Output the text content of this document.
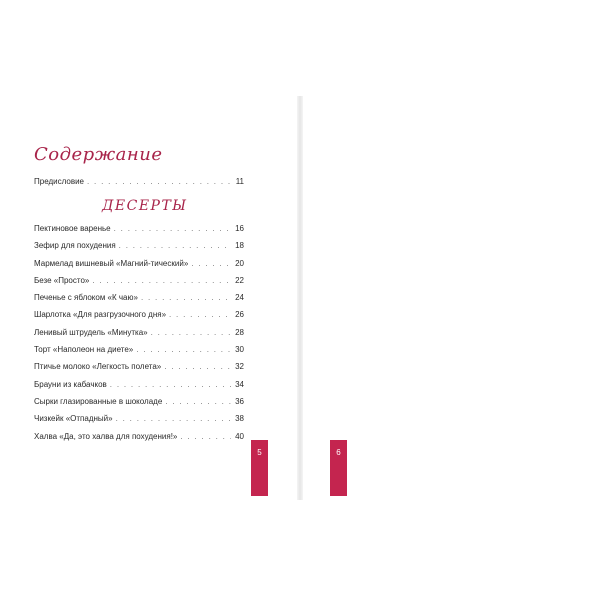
Содержание
Предисловие . . .	11
ДЕСЕРТЫ
Пектиновое варенье . . .	16
Зефир для похудения . . .	18
Мармелад вишневый «Магний-тический» . . .	20
Безе «Просто» . . .	22
Печенье с яблоком «К чаю» . . .	24
Шарлотка «Для разгрузочного дня» . . .	26
Ленивый штрудель «Минутка» . . .	28
Торт «Наполеон на диете» . . .	30
Птичье молоко «Легкость полета» . . .	32
Брауни из кабачков . . .	34
Сырки глазированные в шоколаде . . .	36
Чизкейк «Отпадный» . . .	38
Халва «Да, это халва для похудения!» . . .	40
5	6
